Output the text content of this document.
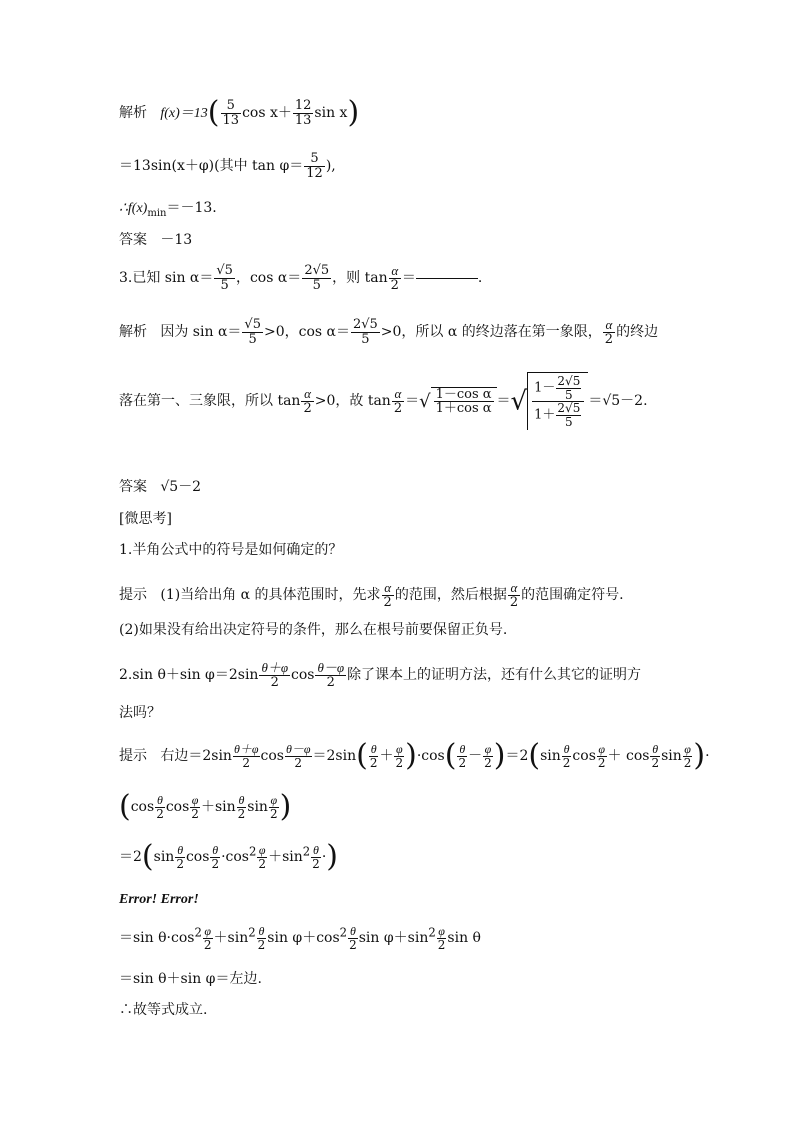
解析 $f(x)=13( \frac{5}{13}$ $\cos x+ \frac{12}{13}$ sin x)
＝13sin(x＋φ)(其中 $\tan \varphi= \frac{5}{12}$ ),
$\therefore f(x)_{min}=-13$.
答案 －13
3.已知 $\sin \alpha= \frac{√5}{5}$ ，$\cos \alpha= \frac{2√5}{5}$ ，则 $\tan \frac{\alpha}{2}$ ＝	.
解析 因为 $\sin \alpha= \frac{√5}{5} >0$，$\cos \alpha= \frac{2√5}{5} >0$，所以 α 的终边落在第一象限， $\frac{\alpha}{2}$ 的终边
落在第一、三象限，所以 $\tan \frac{\alpha}{2} >0$，故 $\tan \frac{\alpha}{2}$ ＝√ $\frac{\text{1－cos α}}{\text{1＋cos α}}$ ＝√ $\frac{1- \frac{2√5}{5}}{1+ \frac{2√5}{5}} =√5-2$.
答案 √5－2
[微思考]
1.半角公式中的符号是如何确定的？
提示 (1)当给出角 α 的具体范围时，先求 $\frac{\alpha}{2}$ 的范围，然后根据 $\frac{\alpha}{2}$ 的范围确定符号.
(2)如果没有给出决定符号的条件，那么在根号前要保留正负号.
2.sin θ＋sin $\varphi=2\sin \frac{\theta+\varphi}{2}$ $\cos \frac{\theta-\varphi}{2}$ 除了课本上的证明方法，还有什么其它的证明方
法吗？
提示 右边$=2\sin \frac{\theta+\varphi}{2}$ $\cos \frac{\theta-\varphi}{2} =2\sin( \frac{\theta}{2} + \frac{\varphi}{2} )\cdot\cos( \frac{\theta}{2} - \frac{\varphi}{2} )=2(\sin \frac{\theta}{2}$ $\cos \frac{\varphi}{2} + \cos \frac{\theta}{2}$ $\sin \frac{\varphi}{2}$ )·
($\cos \frac{\theta}{2}$ $\cos \frac{\varphi}{2} +\sin \frac{\theta}{2}$ $\sin \frac{\varphi}{2}$ )
$=2(\sin \frac{\theta}{2}$ $\cos \frac{\theta}{2} \cdot\cos^2 \frac{\varphi}{2} +\sin^2 \frac{\theta}{2}$ ·)
Error! Error!
＝sin $\theta\cdot\cos^2 \frac{\varphi}{2} +\sin^2 \frac{\theta}{2}$ $\sin \varphi+\cos^2 \frac{\theta}{2}$ $\sin \varphi+\sin^2 \frac{\varphi}{2}$ sin θ
＝sin θ＋sin φ＝左边.
∴故等式成立.
